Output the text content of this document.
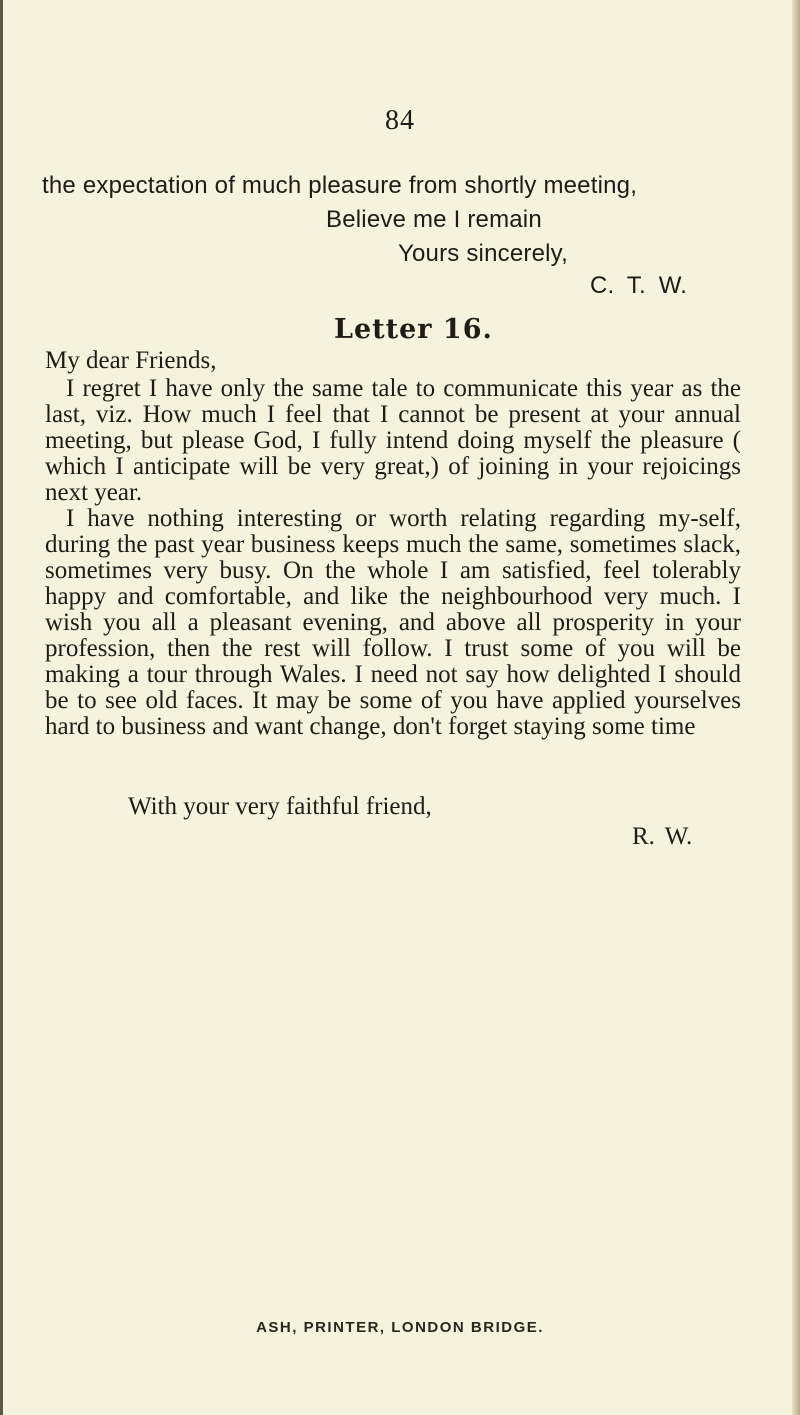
84
the expectation of much pleasure from shortly meeting,
Believe me I remain
Yours sincerely,
C. T. W.
Letter 16.
My dear Friends,

I regret I have only the same tale to communicate this year as the last, viz. How much I feel that I cannot be present at your annual meeting, but please God, I fully intend doing myself the pleasure ( which I anticipate will be very great,) of joining in your rejoicings next year.

I have nothing interesting or worth relating regarding my-self, during the past year business keeps much the same, sometimes slack, sometimes very busy. On the whole I am satisfied, feel tolerably happy and comfortable, and like the neighbourhood very much. I wish you all a pleasant evening, and above all prosperity in your profession, then the rest will follow. I trust some of you will be making a tour through Wales. I need not say how delighted I should be to see old faces. It may be some of you have applied yourselves hard to business and want change, don't forget staying some time

With your very faithful friend,
R. W.
ASH, PRINTER, LONDON BRIDGE.
